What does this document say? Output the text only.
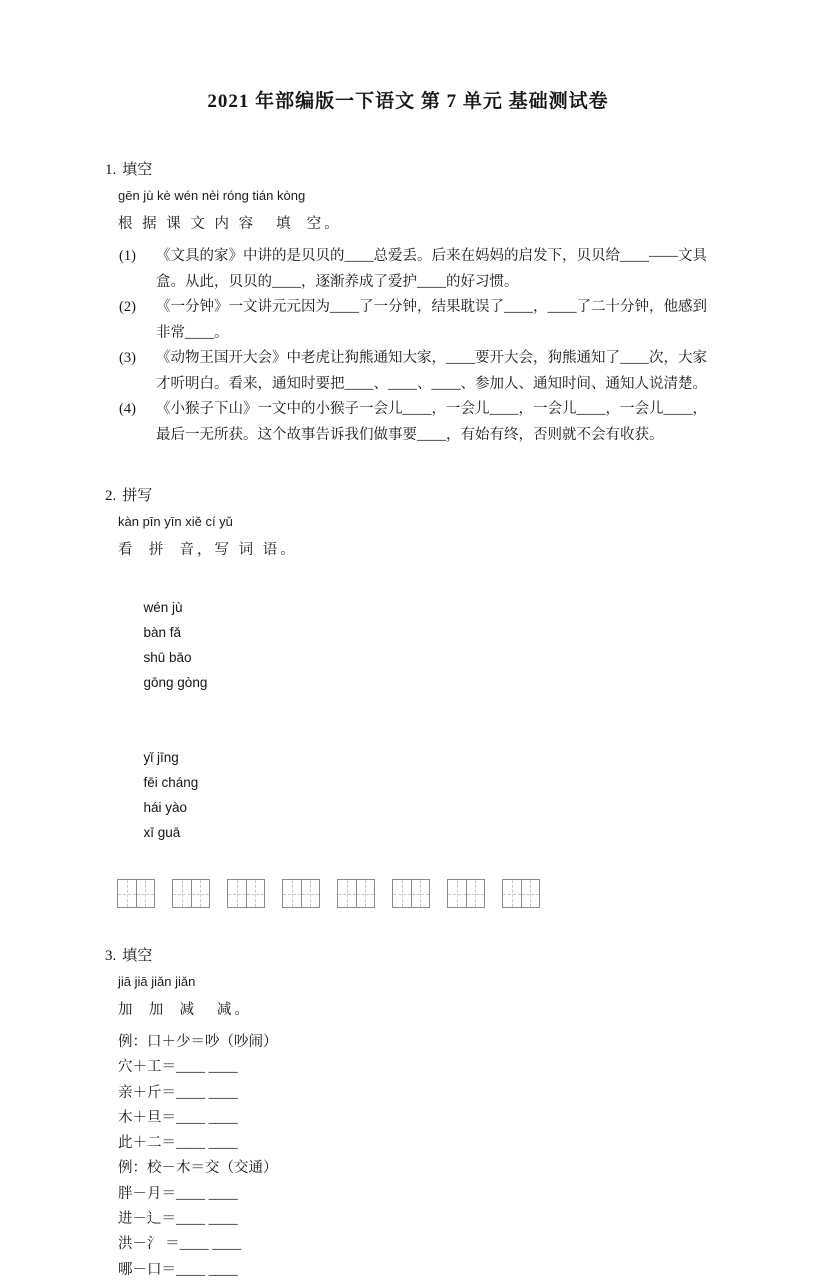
2021 年部编版一下语文 第 7 单元 基础测试卷
1. 填空
gēn jù kè wén nèi róng tián kòng
根 据 课 文 内 容   填  空。
(1)	《文具的家》中讲的是贝贝的____总爱丢。后来在妈妈的启发下，贝贝给____——文具盒。从此，贝贝的____，逐渐养成了爱护____的好习惯。
(2)	《一分钟》一文讲元元因为____了一分钟，结果耽误了____，____了二十分钟，他感到非常____。
(3)	《动物王国开大会》中老虎让狗熊通知大家，____要开大会，狗熊通知了____次，大家才听明白。看来，通知时要把____、____、____、参加人、通知时间、通知人说清楚。
(4)	《小猴子下山》一文中的小猴子一会儿____，一会儿____，一会儿____，一会儿____，最后一无所获。这个故事告诉我们做事要____，有始有终，否则就不会有收获。
2. 拼写
kàn pīn yīn xiě cí yǔ
看  拼  音，写 词 语。

wén jù
bàn fǎ
shū bāo
gōng gòng

yǐ jīng
fēi cháng
hái yào
xī guā

3. 填空
jiā jiā jiǎn jiǎn
加  加  减   减。
例：口＋少＝吵（吵闹）
穴＋工＝____ ____
亲＋斤＝____ ____
木＋旦＝____ ____
此＋二＝____ ____
例：校－木＝交（交通）
胖－月＝____ ____
进－辶＝____ ____
洪－氵 ＝____ ____
哪－口＝____ ____
